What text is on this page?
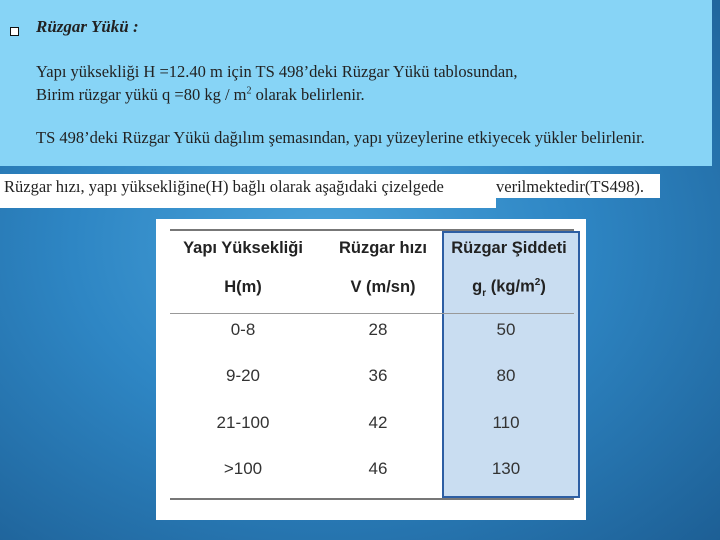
Rüzgar Yükü :
Yapı yüksekliği H =12.40 m için TS 498’deki Rüzgar Yükü tablosundan,
Birim rüzgar yükü q =80 kg / $m^2$ olarak belirlenir.
TS 498’deki Rüzgar Yükü dağılım şemasından, yapı yüzeylerine etkiyecek yükler belirlenir.
Rüzgar hızı, yapı yüksekliğine(H) bağlı olarak aşağıdaki çizelgede	verilmektedir(TS498).
Yapı Yüksekliği	Rüzgar hızı	Rüzgar Şiddeti
H(m)	V (m/sn)	$g_r$ $(kg/m^2)$
0-8	28	50
9-20	36	80
21-100	42	110
>100	46	130
